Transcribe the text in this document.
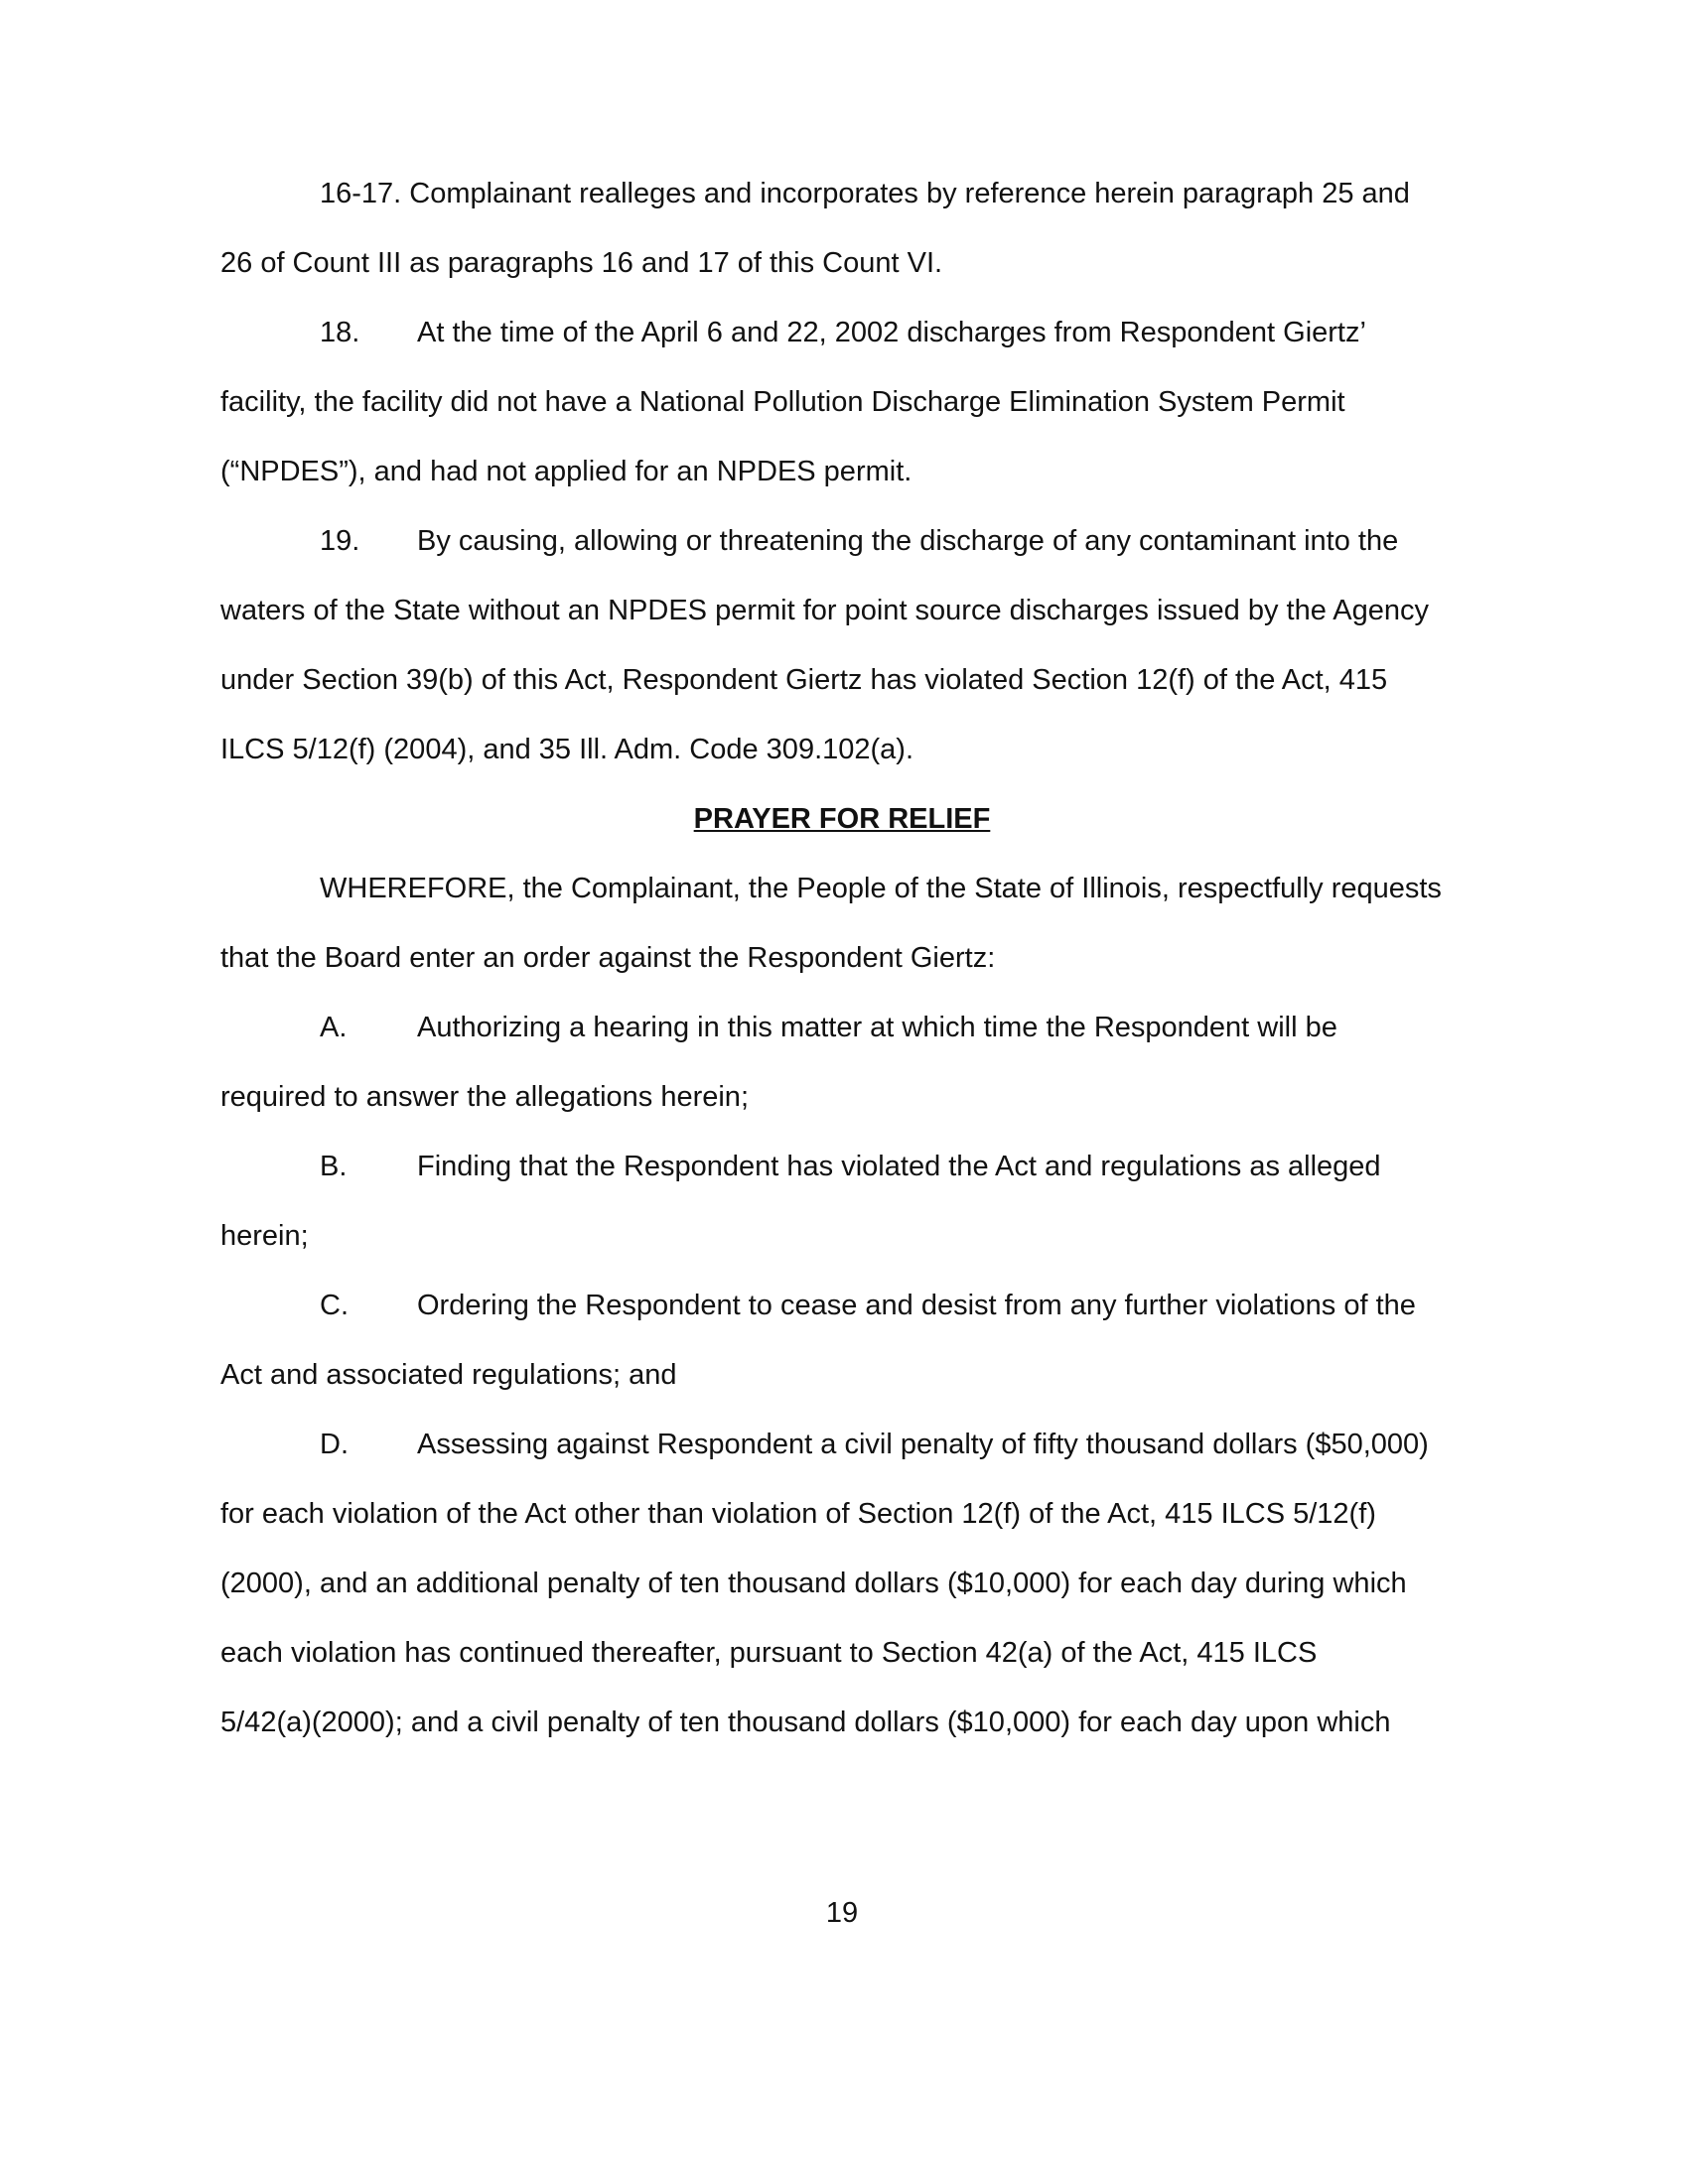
16-17. Complainant realleges and incorporates by reference herein paragraph 25 and
26 of Count III as paragraphs 16 and 17 of this Count VI.
18. At the time of the April 6 and 22, 2002 discharges from Respondent Giertz’
facility, the facility did not have a National Pollution Discharge Elimination System Permit
(“NPDES”), and had not applied for an NPDES permit.
19. By causing, allowing or threatening the discharge of any contaminant into the
waters of the State without an NPDES permit for point source discharges issued by the Agency
under Section 39(b) of this Act, Respondent Giertz has violated Section 12(f) of the Act, 415
ILCS 5/12(f) (2004), and 35 Ill. Adm. Code 309.102(a).
PRAYER FOR RELIEF
WHEREFORE, the Complainant, the People of the State of Illinois, respectfully requests
that the Board enter an order against the Respondent Giertz:
A. Authorizing a hearing in this matter at which time the Respondent will be
required to answer the allegations herein;
B. Finding that the Respondent has violated the Act and regulations as alleged
herein;
C. Ordering the Respondent to cease and desist from any further violations of the
Act and associated regulations; and
D. Assessing against Respondent a civil penalty of fifty thousand dollars ($50,000)
for each violation of the Act other than violation of Section 12(f) of the Act, 415 ILCS 5/12(f)
(2000), and an additional penalty of ten thousand dollars ($10,000) for each day during which
each violation has continued thereafter, pursuant to Section 42(a) of the Act, 415 ILCS
5/42(a)(2000); and a civil penalty of ten thousand dollars ($10,000) for each day upon which
19
